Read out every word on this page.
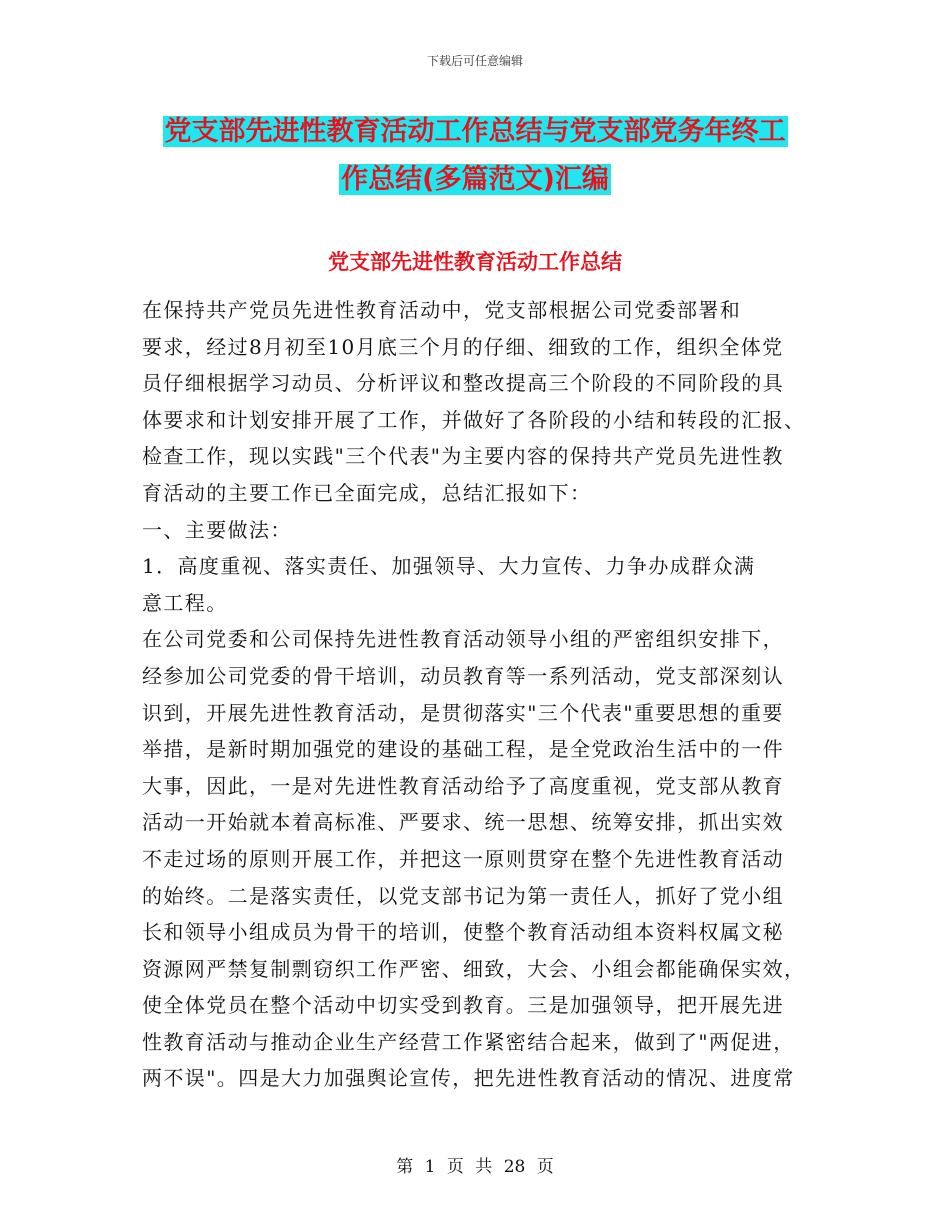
下载后可任意编辑
党支部先进性教育活动工作总结与党支部党务年终工
作总结(多篇范文)汇编
党支部先进性教育活动工作总结
在保持共产党员先进性教育活动中，党支部根据公司党委部署和
要求，经过8月初至10月底三个月的仔细、细致的工作，组织全体党
员仔细根据学习动员、分析评议和整改提高三个阶段的不同阶段的具
体要求和计划安排开展了工作，并做好了各阶段的小结和转段的汇报、
检查工作，现以实践"三个代表"为主要内容的保持共产党员先进性教
育活动的主要工作已全面完成，总结汇报如下：
一、主要做法：
1．高度重视、落实责任、加强领导、大力宣传、力争办成群众满
意工程。
在公司党委和公司保持先进性教育活动领导小组的严密组织安排下，
经参加公司党委的骨干培训，动员教育等一系列活动，党支部深刻认
识到，开展先进性教育活动，是贯彻落实"三个代表"重要思想的重要
举措，是新时期加强党的建设的基础工程，是全党政治生活中的一件
大事，因此，一是对先进性教育活动给予了高度重视，党支部从教育
活动一开始就本着高标准、严要求、统一思想、统筹安排，抓出实效
不走过场的原则开展工作，并把这一原则贯穿在整个先进性教育活动
的始终。二是落实责任，以党支部书记为第一责任人，抓好了党小组
长和领导小组成员为骨干的培训，使整个教育活动组本资料权属文秘
资源网严禁复制剽窃织工作严密、细致，大会、小组会都能确保实效，
使全体党员在整个活动中切实受到教育。三是加强领导，把开展先进
性教育活动与推动企业生产经营工作紧密结合起来，做到了"两促进，
两不误"。四是大力加强舆论宣传，把先进性教育活动的情况、进度常
第 1 页 共 28 页
